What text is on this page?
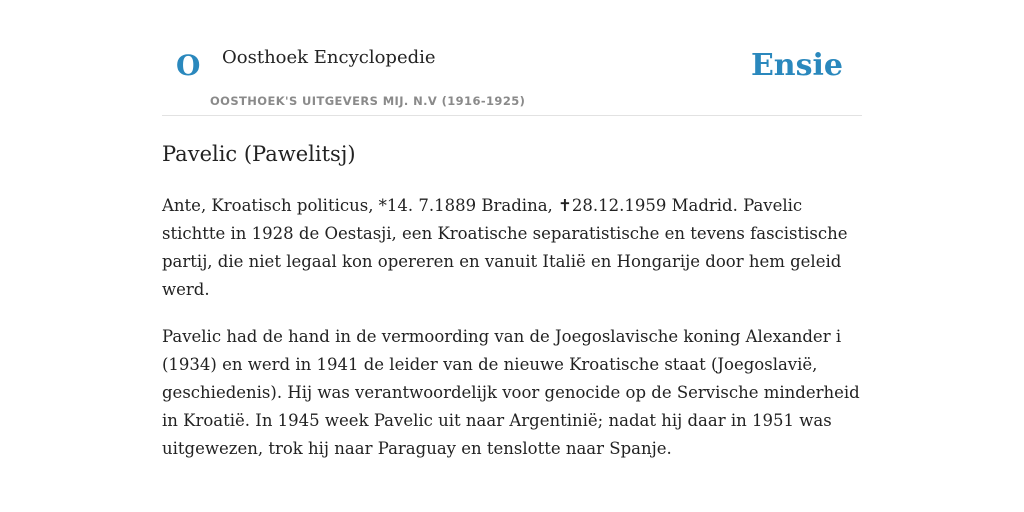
O Oosthoek Encyclopedie
OOSTHOEK'S UITGEVERS MIJ. N.V (1916-1925)
Ensie
Pavelic (Pawelitsj)

Ante, Kroatisch politicus, *14. 7.1889 Bradina, ✝28.12.1959 Madrid. Pavelic stichtte in 1928 de Oestasji, een Kroatische separatistische en tevens fascistische partij, die niet legaal kon opereren en vanuit Italië en Hongarije door hem geleid werd.

Pavelic had de hand in de vermoording van de Joegoslavische koning Alexander i (1934) en werd in 1941 de leider van de nieuwe Kroatische staat (Joegoslavië, geschiedenis). Hij was verantwoordelijk voor genocide op de Servische minderheid in Kroatië. In 1945 week Pavelic uit naar Argentinië; nadat hij daar in 1951 was uitgewezen, trok hij naar Paraguay en tenslotte naar Spanje.
